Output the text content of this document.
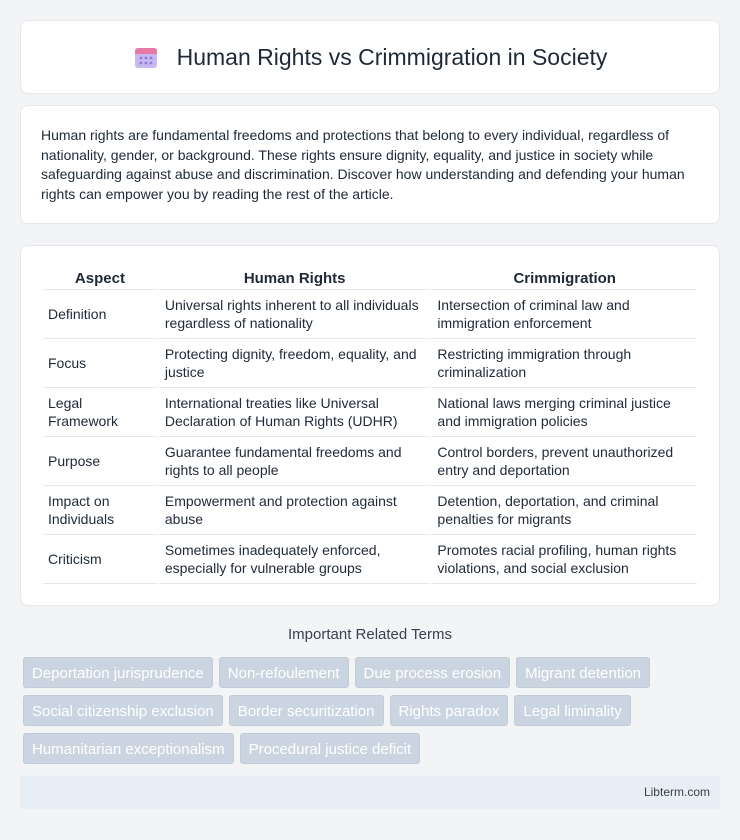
Human Rights vs Crimmigration in Society

Human rights are fundamental freedoms and protections that belong to every individual, regardless of nationality, gender, or background. These rights ensure dignity, equality, and justice in society while safeguarding against abuse and discrimination. Discover how understanding and defending your human rights can empower you by reading the rest of the article.

Aspect	Human Rights	Crimmigration
Definition	Universal rights inherent to all individuals regardless of nationality	Intersection of criminal law and immigration enforcement
Focus	Protecting dignity, freedom, equality, and justice	Restricting immigration through criminalization
Legal Framework	International treaties like Universal Declaration of Human Rights (UDHR)	National laws merging criminal justice and immigration policies
Purpose	Guarantee fundamental freedoms and rights to all people	Control borders, prevent unauthorized entry and deportation
Impact on Individuals	Empowerment and protection against abuse	Detention, deportation, and criminal penalties for migrants
Criticism	Sometimes inadequately enforced, especially for vulnerable groups	Promotes racial profiling, human rights violations, and social exclusion
Important Related Terms
Deportation jurisprudence	Non-refoulement	Due process erosion	Migrant detention
Social citizenship exclusion	Border securitization	Rights paradox	Legal liminality
Humanitarian exceptionalism	Procedural justice deficit
Libterm.com
